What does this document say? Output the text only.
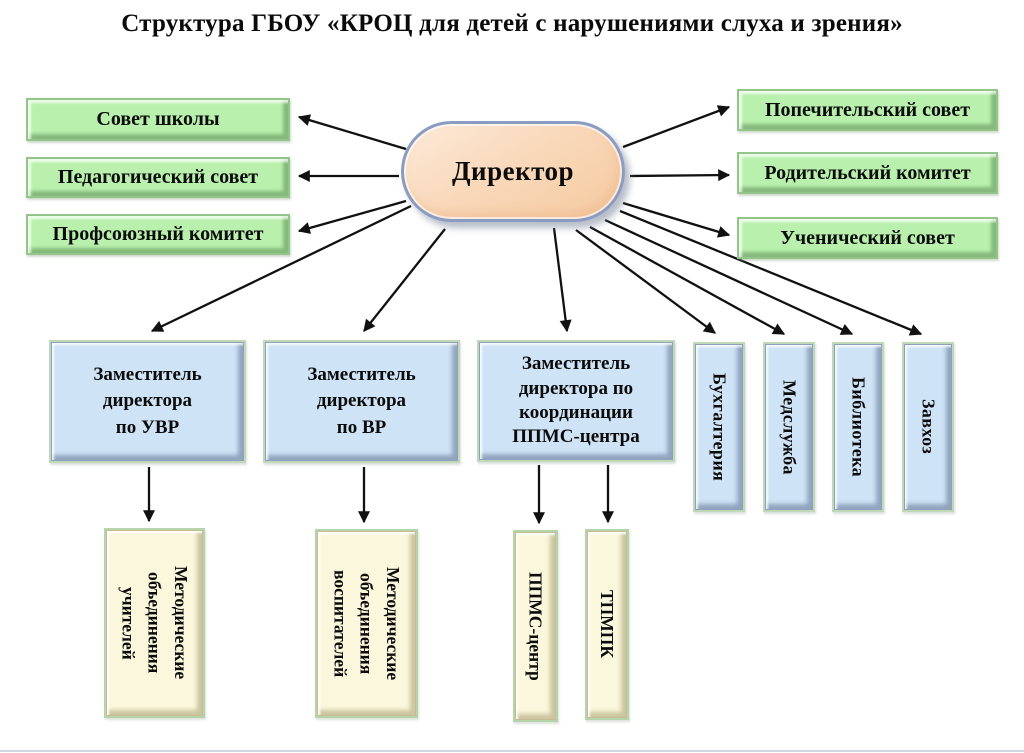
Структура ГБОУ «КРОЦ для детей с нарушениями слуха и зрения»
Директор
Совет школы
Педагогический совет
Профсоюзный комитет
Попечительский совет
Родительский комитет
Ученический совет
Заместитель
директора
по УВР
Заместитель
директора
по ВР
Заместитель
директора по
координации
ППМС-центра	Бухгалтерия	Медслужба	Библиотека	Завхоз
Методические
объединения
учителей	Методические
объединения
воспитателей	ППМС-центр	ТПМПК
